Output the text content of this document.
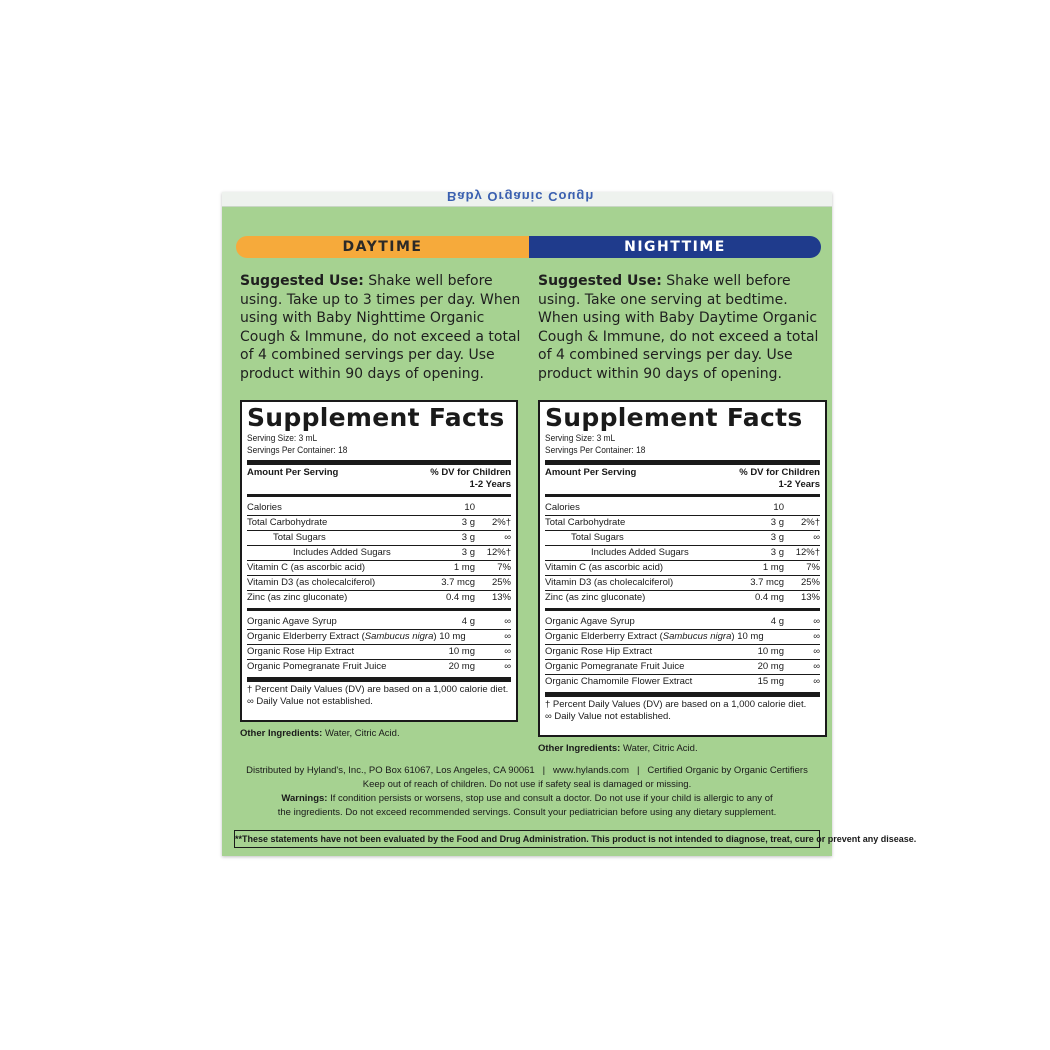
Baby Organic Cough
DAYTIME	NIGHTTIME
Suggested Use: Shake well before using. Take up to 3 times per day. When using with Baby Nighttime Organic Cough & Immune, do not exceed a total of 4 combined servings per day. Use product within 90 days of opening.
Suggested Use: Shake well before using. Take one serving at bedtime. When using with Baby Daytime Organic Cough & Immune, do not exceed a total of 4 combined servings per day. Use product within 90 days of opening.
Supplement Facts
Serving Size: 3 mL
Servings Per Container: 18
Amount Per Serving	% DV for Children
1-2 Years
Calories	10
Total Carbohydrate	3 g	2%†
Total Sugars	3 g	∞
Includes Added Sugars	3 g	12%†
Vitamin C (as ascorbic acid)	1 mg	7%
Vitamin D3 (as cholecalciferol)	3.7 mcg	25%
Zinc (as zinc gluconate)	0.4 mg	13%
Organic Agave Syrup	4 g	∞
Organic Elderberry Extract (Sambucus nigra) 10 mg	∞
Organic Rose Hip Extract	10 mg	∞
Organic Pomegranate Fruit Juice	20 mg	∞
† Percent Daily Values (DV) are based on a 1,000 calorie diet.
∞ Daily Value not established.
Supplement Facts
Serving Size: 3 mL
Servings Per Container: 18
Amount Per Serving	% DV for Children
1-2 Years
Calories	10
Total Carbohydrate	3 g	2%†
Total Sugars	3 g	∞
Includes Added Sugars	3 g	12%†
Vitamin C (as ascorbic acid)	1 mg	7%
Vitamin D3 (as cholecalciferol)	3.7 mcg	25%
Zinc (as zinc gluconate)	0.4 mg	13%
Organic Agave Syrup	4 g	∞
Organic Elderberry Extract (Sambucus nigra) 10 mg	∞
Organic Rose Hip Extract	10 mg	∞
Organic Pomegranate Fruit Juice	20 mg	∞
Organic Chamomile Flower Extract	15 mg	∞
† Percent Daily Values (DV) are based on a 1,000 calorie diet.
∞ Daily Value not established.
Other Ingredients: Water, Citric Acid.
Other Ingredients: Water, Citric Acid.
Distributed by Hyland's, Inc., PO Box 61067, Los Angeles, CA 90061   |   www.hylands.com   |   Certified Organic by Organic Certifiers
Keep out of reach of children. Do not use if safety seal is damaged or missing.
Warnings: If condition persists or worsens, stop use and consult a doctor. Do not use if your child is allergic to any of
the ingredients. Do not exceed recommended servings. Consult your pediatrician before using any dietary supplement.
**These statements have not been evaluated by the Food and Drug Administration. This product is not intended to diagnose, treat, cure or prevent any disease.
